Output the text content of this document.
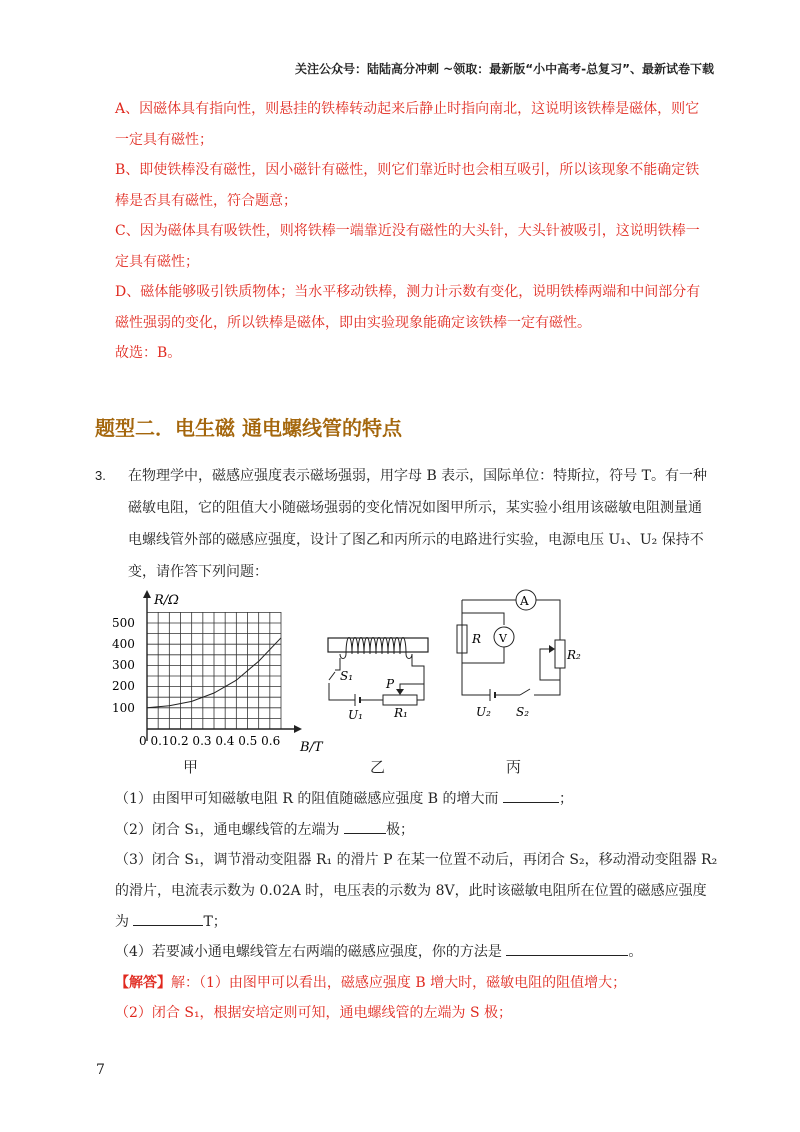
关注公众号：陆陆高分冲刺 ~领取：最新版“小中高考-总复习”、最新试卷下载
A、因磁体具有指向性，则悬挂的铁棒转动起来后静止时指向南北，这说明该铁棒是磁体，则它
一定具有磁性；
B、即使铁棒没有磁性，因小磁针有磁性，则它们靠近时也会相互吸引，所以该现象不能确定铁
棒是否具有磁性，符合题意；
C、因为磁体具有吸铁性，则将铁棒一端靠近没有磁性的大头针，大头针被吸引，这说明铁棒一
定具有磁性；
D、磁体能够吸引铁质物体；当水平移动铁棒，测力计示数有变化，说明铁棒两端和中间部分有
磁性强弱的变化，所以铁棒是磁体，即由实验现象能确定该铁棒一定有磁性。
故选：B。
题型二．电生磁 通电螺线管的特点
3. 在物理学中，磁感应强度表示磁场强弱，用字母 B 表示，国际单位：特斯拉，符号 T。有一种
磁敏电阻，它的阻值大小随磁场强弱的变化情况如图甲所示，某实验小组用该磁敏电阻测量通
电螺线管外部的磁感应强度，设计了图乙和丙所示的电路进行实验，电源电压 U₁、U₂ 保持不
变，请作答下列问题：
R/Ω
500
400
300
200
100
0 0.10.2 0.3 0.4 0.5 0.6 B/T
甲
S₁
P
U₁	R₁
乙
A
V
R
R₂
U₂ S₂
丙
（1）由图甲可知磁敏电阻 R 的阻值随磁感应强度 B 的增大而	；
（2）闭合 S₁，通电螺线管的左端为	极；
（3）闭合 S₁，调节滑动变阻器 R₁ 的滑片 P 在某一位置不动后，再闭合 S₂，移动滑动变阻器 R₂
的滑片，电流表示数为 0.02A 时，电压表的示数为 8V，此时该磁敏电阻所在位置的磁感应强度
为	T；
（4）若要减小通电螺线管左右两端的磁感应强度，你的方法是	。
【解答】解：（1）由图甲可以看出，磁感应强度 B 增大时，磁敏电阻的阻值增大；
（2）闭合 S₁，根据安培定则可知，通电螺线管的左端为 S 极；
7
